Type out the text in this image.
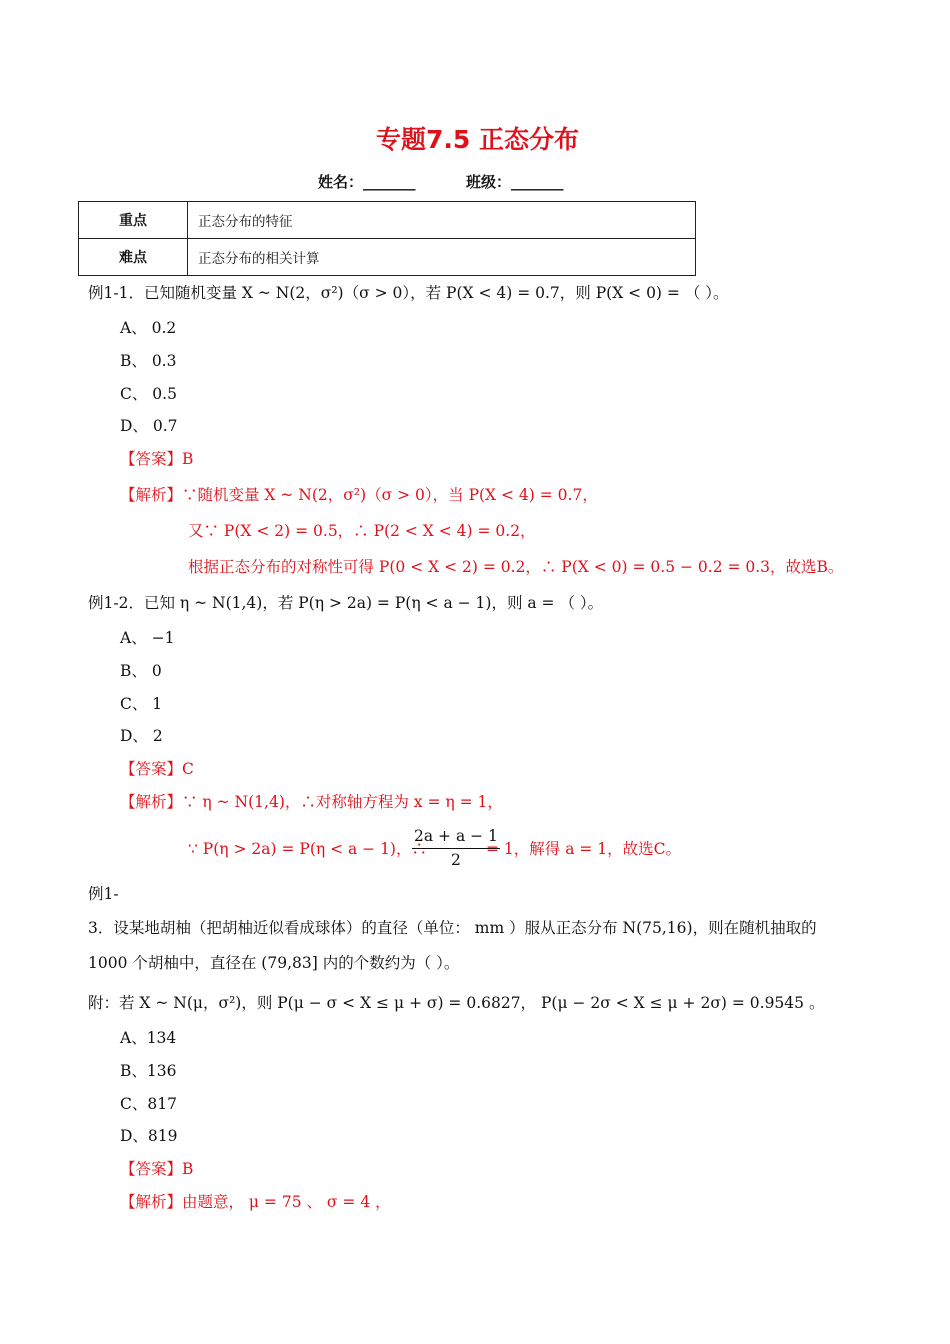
专题7.5 正态分布
姓名：_______	班级：_______
重点	正态分布的特征
难点	正态分布的相关计算
例1-1．已知随机变量 X ~ N(2，σ²)（σ > 0），若 P(X < 4) = 0.7，则 P(X < 0) = （ ）。
A、 0.2
B、 0.3
C、 0.5
D、 0.7
【答案】B
【解析】∵随机变量 X ~ N(2，σ²)（σ > 0），当 P(X < 4) = 0.7，
又∵ P(X < 2) = 0.5，∴ P(2 < X < 4) = 0.2，
根据正态分布的对称性可得 P(0 < X < 2) = 0.2，∴ P(X < 0) = 0.5 − 0.2 = 0.3，故选B。
例1-2．已知 η ~ N(1,4)，若 P(η > 2a) = P(η < a − 1)，则 a = （ ）。
A、 −1
B、 0
C、 1
D、 2
【答案】C
【解析】∵ η ~ N(1,4)，∴对称轴方程为 x = η = 1，
∵ P(η > 2a) = P(η < a − 1)，∴
$\frac{2a + a - 1}{2}$
= 1，解得 a = 1，故选C。
例1-
3．设某地胡柚（把胡柚近似看成球体）的直径（单位： mm ）服从正态分布 N(75,16)，则在随机抽取的
1000 个胡柚中，直径在 (79,83] 内的个数约为（ ）。
附：若 X ~ N(μ，σ²)，则 P(μ − σ < X ≤ μ + σ) = 0.6827， P(μ − 2σ < X ≤ μ + 2σ) = 0.9545 。
A、134
B、136
C、817
D、819
【答案】B
【解析】由题意， μ = 75 、 σ = 4 ，
